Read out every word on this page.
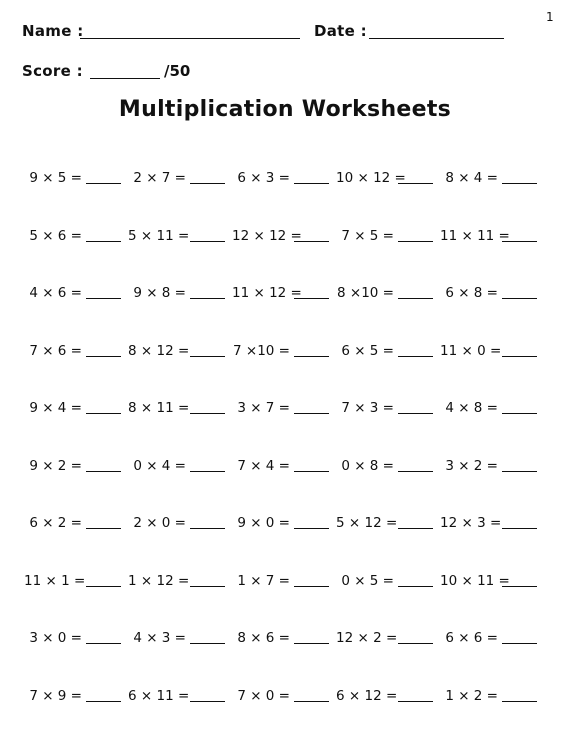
1
Name :	Date :
Score :	/50
Multiplication Worksheets
9 × 5 =	2 × 7 =	6 × 3 =	10 × 12 =	8 × 4 =
5 × 6 =	5 × 11 =	12 × 12 =	7 × 5 =	11 × 11 =
4 × 6 =	9 × 8 =	11 × 12 =	8 ×10 =	6 × 8 =
7 × 6 =	8 × 12 =	7 ×10 =	6 × 5 =	11 × 0 =
9 × 4 =	8 × 11 =	3 × 7 =	7 × 3 =	4 × 8 =
9 × 2 =	0 × 4 =	7 × 4 =	0 × 8 =	3 × 2 =
6 × 2 =	2 × 0 =	9 × 0 =	5 × 12 =	12 × 3 =
11 × 1 =	1 × 12 =	1 × 7 =	0 × 5 =	10 × 11 =
3 × 0 =	4 × 3 =	8 × 6 =	12 × 2 =	6 × 6 =
7 × 9 =	6 × 11 =	7 × 0 =	6 × 12 =	1 × 2 =
